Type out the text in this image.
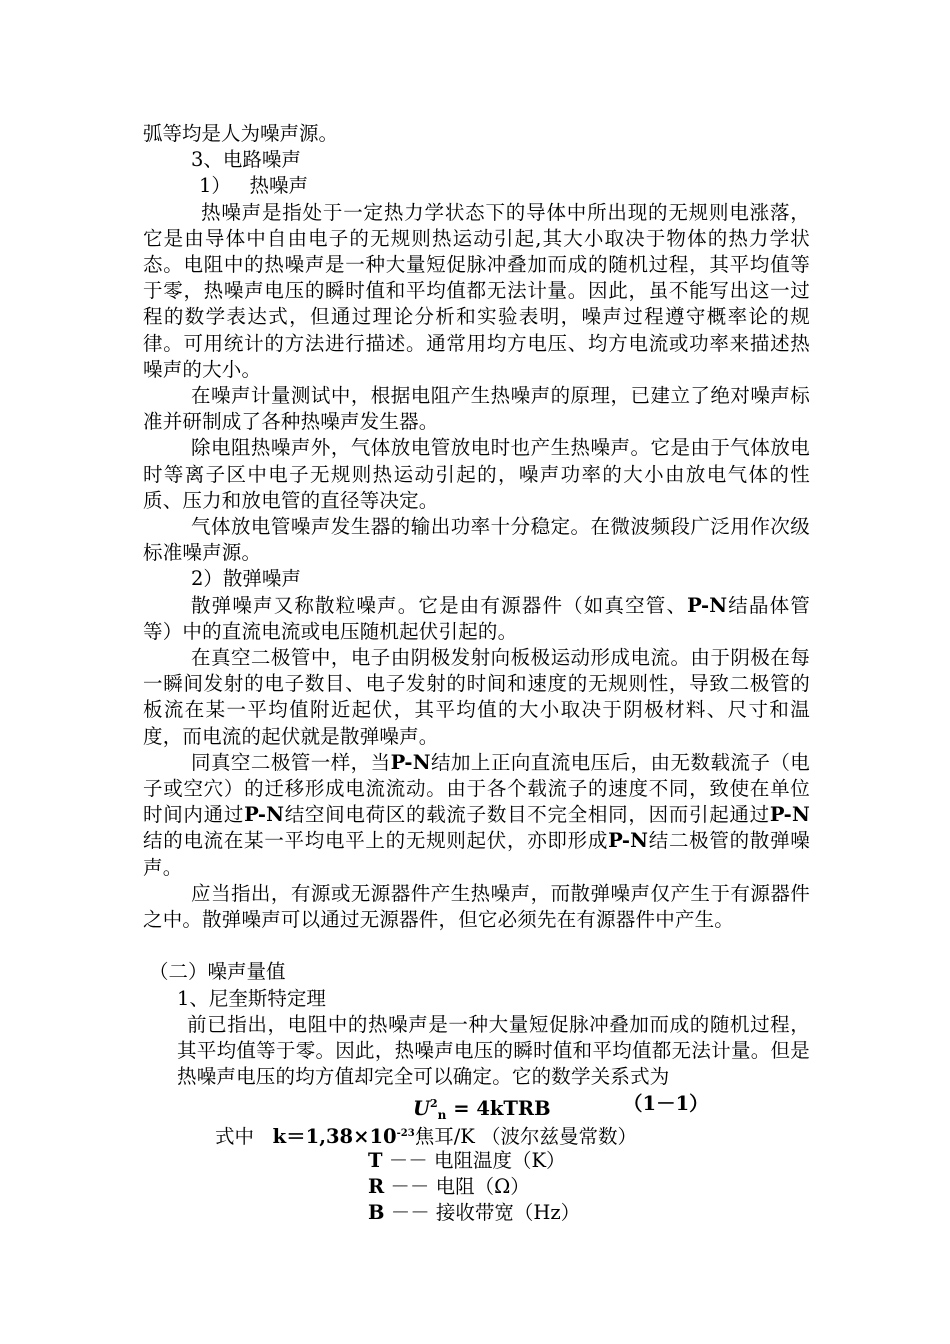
弧等均是人为噪声源。

3、电路噪声

1） 热噪声

热噪声是指处于一定热力学状态下的导体中所出现的无规则电涨落，它是由导体中自由电子的无规则热运动引起,其大小取决于物体的热力学状态。电阻中的热噪声是一种大量短促脉冲叠加而成的随机过程，其平均值等于零，热噪声电压的瞬时值和平均值都无法计量。因此，虽不能写出这一过程的数学表达式，但通过理论分析和实验表明，噪声过程遵守概率论的规律。可用统计的方法进行描述。通常用均方电压、均方电流或功率来描述热噪声的大小。

在噪声计量测试中，根据电阻产生热噪声的原理，已建立了绝对噪声标准并研制成了各种热噪声发生器。

除电阻热噪声外，气体放电管放电时也产生热噪声。它是由于气体放电时等离子区中电子无规则热运动引起的，噪声功率的大小由放电气体的性质、压力和放电管的直径等决定。

气体放电管噪声发生器的输出功率十分稳定。在微波频段广泛用作次级标准噪声源。

2）散弹噪声

散弹噪声又称散粒噪声。它是由有源器件（如真空管、P-N结晶体管等）中的直流电流或电压随机起伏引起的。

在真空二极管中，电子由阴极发射向板极运动形成电流。由于阴极在每一瞬间发射的电子数目、电子发射的时间和速度的无规则性，导致二极管的板流在某一平均值附近起伏，其平均值的大小取决于阴极材料、尺寸和温度，而电流的起伏就是散弹噪声。

同真空二极管一样，当P-N结加上正向直流电压后，由无数载流子（电子或空穴）的迁移形成电流流动。由于各个载流子的速度不同，致使在单位时间内通过P-N结空间电荷区的载流子数目不完全相同，因而引起通过P-N结的电流在某一平均电平上的无规则起伏，亦即形成P-N结二极管的散弹噪声。

应当指出，有源或无源器件产生热噪声，而散弹噪声仅产生于有源器件之中。散弹噪声可以通过无源器件，但它必须先在有源器件中产生。

（二）噪声量值

1、尼奎斯特定理

前已指出，电阻中的热噪声是一种大量短促脉冲叠加而成的随机过程，其平均值等于零。因此，热噪声电压的瞬时值和平均值都无法计量。但是热噪声电压的均方值却完全可以确定。它的数学关系式为

$U^2_n$ = 4kTRB	（1－1）
式中 $k=1,38\times 10^{-23}$焦耳/K （波尔兹曼常数）
T －－ 电阻温度（K）
R －－ 电阻（Ω）
B －－ 接收带宽（Hz）
